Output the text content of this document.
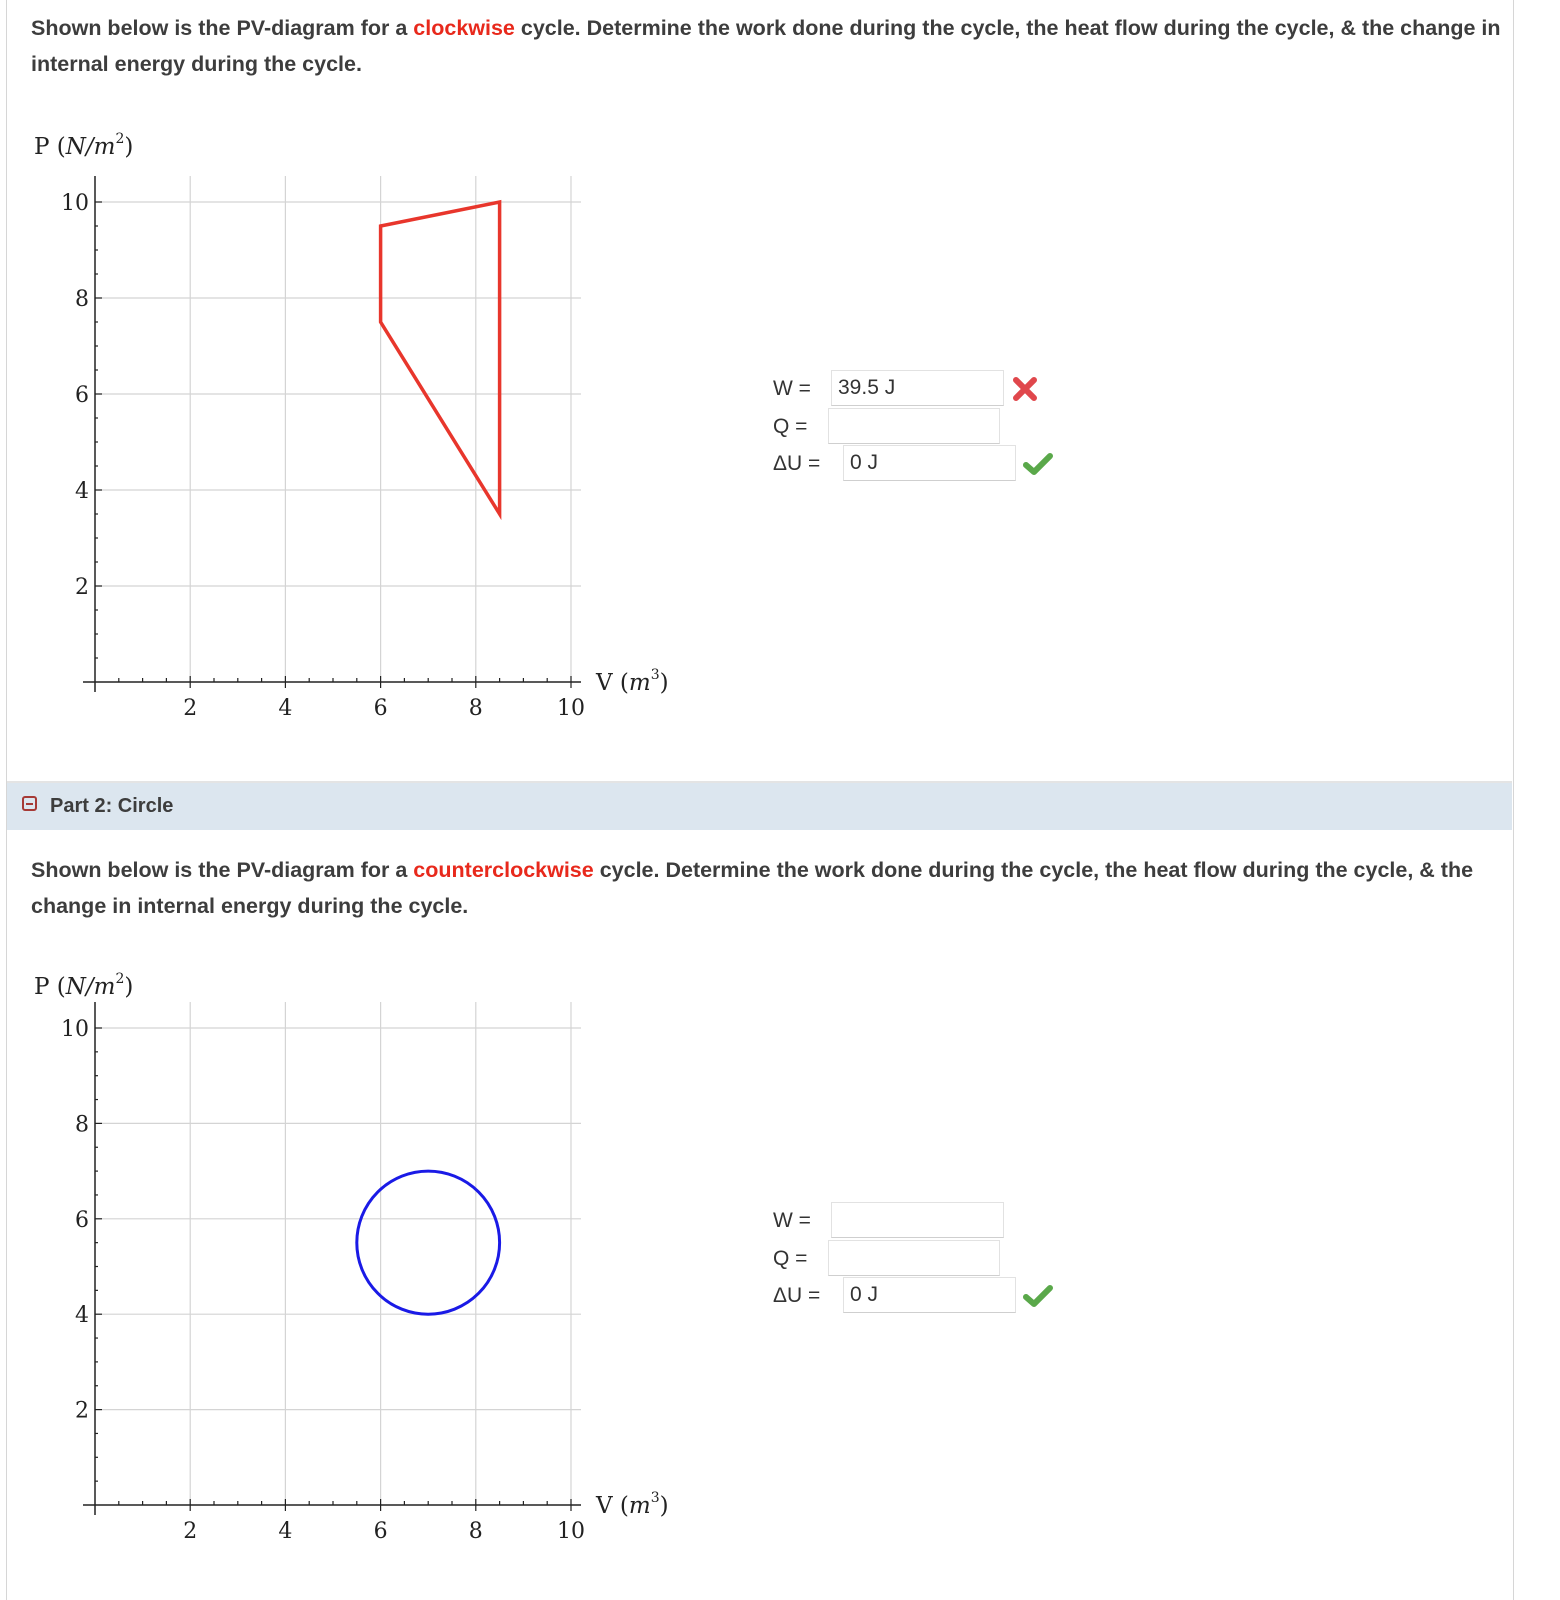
Shown below is the PV-diagram for a clockwise cycle. Determine the work done during the cycle, the heat flow during the cycle, & the change in internal energy during the cycle.
2	4	6	8	10
2
4
6
8
10
P $(N/m^2)$
V $(m^3)$
W =
39.5 J
Q =
ΔU =
0 J
Part 2: Circle
Shown below is the PV-diagram for a counterclockwise cycle. Determine the work done during the cycle, the heat flow during the cycle, & the change in internal energy during the cycle.
2	4	6	8	10
2
4
6
8
10
P $(N/m^2)$
V $(m^3)$
W =
Q =
ΔU =
0 J
